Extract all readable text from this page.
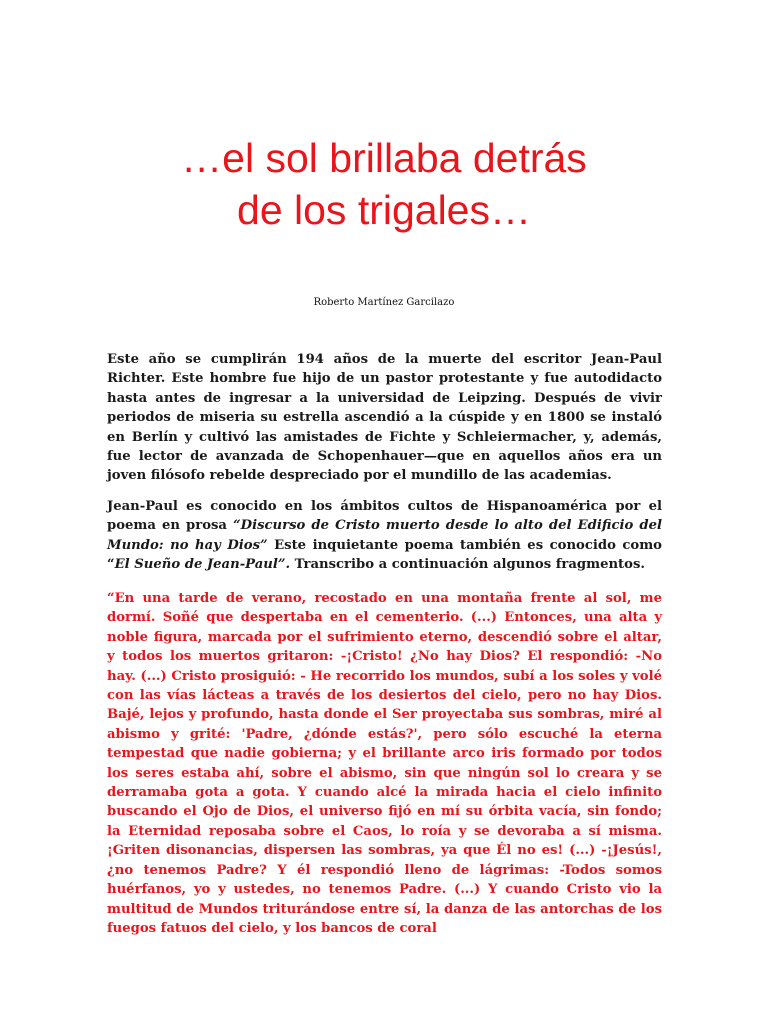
…el sol brillaba detrás
de los trigales…
Roberto Martínez Garcilazo

Este año se cumplirán 194 años de la muerte del escritor Jean-Paul Richter. Este hombre fue hijo de un pastor protestante y fue autodidacto hasta antes de ingresar a la universidad de Leipzing. Después de vivir periodos de miseria su estrella ascendió a la cúspide y en 1800 se instaló en Berlín y cultivó las amistades de Fichte y Schleiermacher, y, además, fue lector de avanzada de Schopenhauer—que en aquellos años era un joven filósofo rebelde despreciado por el mundillo de las academias.

Jean-Paul es conocido en los ámbitos cultos de Hispanoamérica por el poema en prosa “Discurso de Cristo muerto desde lo alto del Edificio del Mundo: no hay Dios” Este inquietante poema también es conocido como “El Sueño de Jean-Paul”. Transcribo a continuación algunos fragmentos.

“En una tarde de verano, recostado en una montaña frente al sol, me dormí. Soñé que despertaba en el cementerio. (...) Entonces, una alta y noble figura, marcada por el sufrimiento eterno, descendió sobre el altar, y todos los muertos gritaron: -¡Cristo! ¿No hay Dios? El respondió: -No hay. (...) Cristo prosiguió: - He recorrido los mundos, subí a los soles y volé con las vías lácteas a través de los desiertos del cielo, pero no hay Dios. Bajé, lejos y profundo, hasta donde el Ser proyectaba sus sombras, miré al abismo y grité: 'Padre, ¿dónde estás?', pero sólo escuché la eterna tempestad que nadie gobierna; y el brillante arco iris formado por todos los seres estaba ahí, sobre el abismo, sin que ningún sol lo creara y se derramaba gota a gota. Y cuando alcé la mirada hacia el cielo infinito buscando el Ojo de Dios, el universo fijó en mí su órbita vacía, sin fondo; la Eternidad reposaba sobre el Caos, lo roía y se devoraba a sí misma. ¡Griten disonancias, dispersen las sombras, ya que Él no es! (...) -¡Jesús!, ¿no tenemos Padre? Y él respondió lleno de lágrimas: -Todos somos huérfanos, yo y ustedes, no tenemos Padre. (...) Y cuando Cristo vio la multitud de Mundos triturándose entre sí, la danza de las antorchas de los fuegos fatuos del cielo, y los bancos de coral
